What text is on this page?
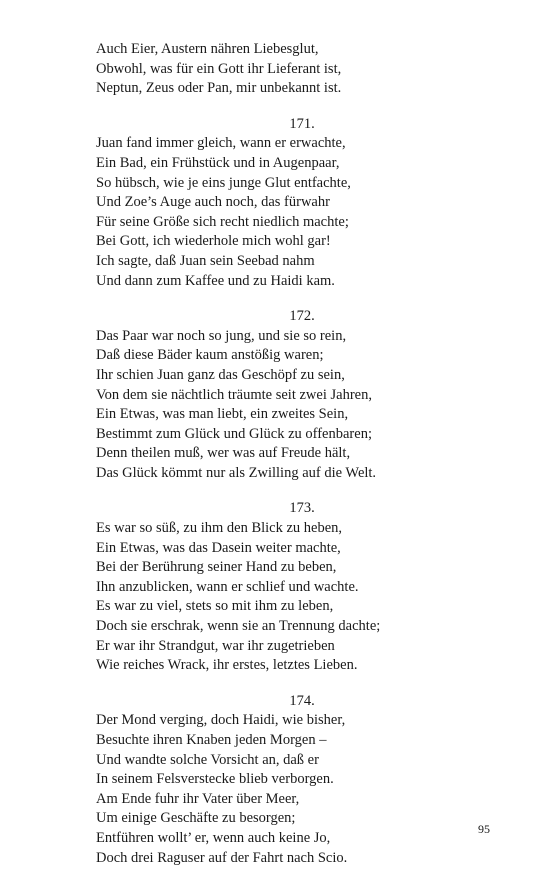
Auch Eier, Austern nähren Liebesglut,
Obwohl, was für ein Gott ihr Lieferant ist,
Neptun, Zeus oder Pan, mir unbekannt ist.
171.
Juan fand immer gleich, wann er erwachte,
Ein Bad, ein Frühstück und in Augenpaar,
So hübsch, wie je eins junge Glut entfachte,
Und Zoe’s Auge auch noch, das fürwahr
Für seine Größe sich recht niedlich machte;
Bei Gott, ich wiederhole mich wohl gar!
Ich sagte, daß Juan sein Seebad nahm
Und dann zum Kaffee und zu Haidi kam.
172.
Das Paar war noch so jung, und sie so rein,
Daß diese Bäder kaum anstößig waren;
Ihr schien Juan ganz das Geschöpf zu sein,
Von dem sie nächtlich träumte seit zwei Jahren,
Ein Etwas, was man liebt, ein zweites Sein,
Bestimmt zum Glück und Glück zu offenbaren;
Denn theilen muß, wer was auf Freude hält,
Das Glück kömmt nur als Zwilling auf die Welt.
173.
Es war so süß, zu ihm den Blick zu heben,
Ein Etwas, was das Dasein weiter machte,
Bei der Berührung seiner Hand zu beben,
Ihn anzublicken, wann er schlief und wachte.
Es war zu viel, stets so mit ihm zu leben,
Doch sie erschrak, wenn sie an Trennung dachte;
Er war ihr Strandgut, war ihr zugetrieben
Wie reiches Wrack, ihr erstes, letztes Lieben.
174.
Der Mond verging, doch Haidi, wie bisher,
Besuchte ihren Knaben jeden Morgen –
Und wandte solche Vorsicht an, daß er
In seinem Felsverstecke blieb verborgen.
Am Ende fuhr ihr Vater über Meer,
Um einige Geschäfte zu besorgen;
Entführen wollt’ er, wenn auch keine Jo,
Doch drei Raguser auf der Fahrt nach Scio.
95
